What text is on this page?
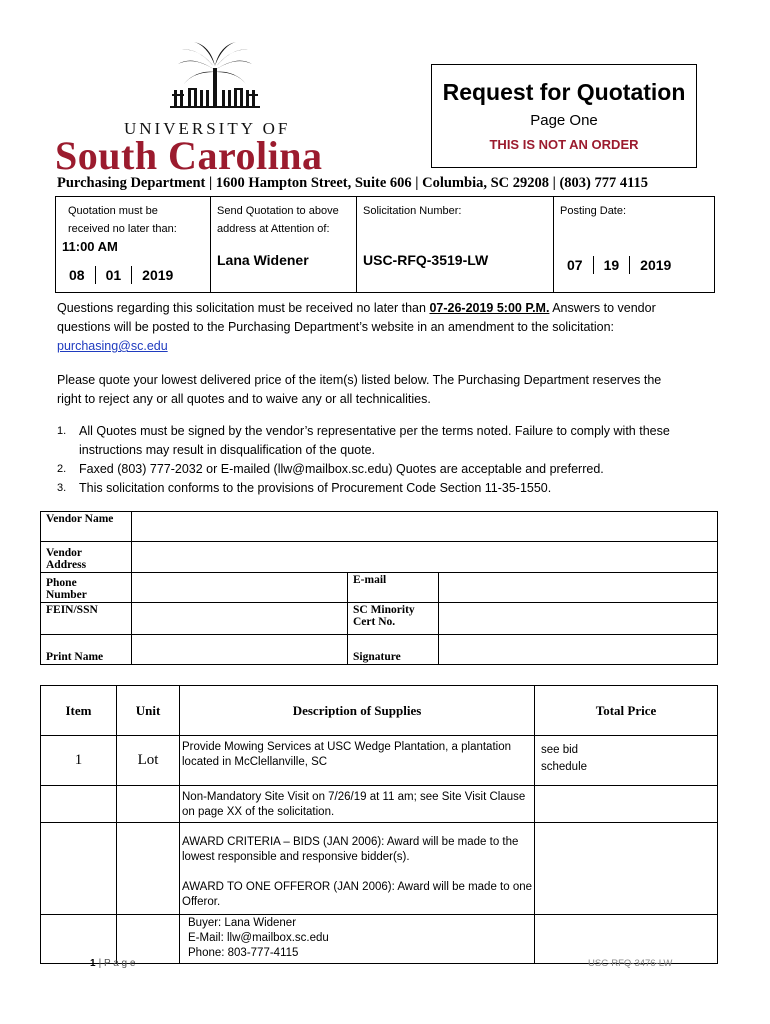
UNIVERSITY OF
South Carolina
Request for Quotation
Page One
THIS IS NOT AN ORDER
Purchasing Department | 1600 Hampton Street, Suite 606 | Columbia, SC 29208 | (803) 777 4115
Quotation must be
received no later than:
11:00 AM
08	01	2019
Send Quotation to above
address at Attention of:
Lana Widener
Solicitation Number:
USC-RFQ-3519-LW
Posting Date:
07	19	2019
Questions regarding this solicitation must be received no later than 07-26-2019 5:00 P.M. Answers to vendor questions will be posted to the Purchasing Department’s website in an amendment to the solicitation:
purchasing@sc.edu
Please quote your lowest delivered price of the item(s) listed below. The Purchasing Department reserves the right to reject any or all quotes and to waive any or all technicalities.
1. All Quotes must be signed by the vendor’s representative per the terms noted. Failure to comply with these instructions may result in disqualification of the quote.
2. Faxed (803) 777-2032 or E-mailed (llw@mailbox.sc.edu) Quotes are acceptable and preferred.
3. This solicitation conforms to the provisions of Procurement Code Section 11-35-1550.
Vendor Name			

Vendor
Address			

Phone
Number		E-mail	
FEIN/SSN		SC Minority
Cert No.	

Print Name		Signature	
Item	Unit	Description of Supplies	Total Price
1	Lot	Provide Mowing Services at USC Wedge Plantation, a plantation located in McClellanville, SC	see bid
schedule

		Non-Mandatory Site Visit on 7/26/19 at 11 am; see Site Visit Clause on page XX of the solicitation.	

		AWARD CRITERIA – BIDS (JAN 2006): Award will be made to the lowest responsible and responsive bidder(s).
AWARD TO ONE OFFEROR (JAN 2006): Award will be made to one Offeror.	

		Buyer: Lana Widener
E-Mail: llw@mailbox.sc.edu
Phone: 803-777-4115	

1 | P a g e	USC-RFQ-3476-LW
